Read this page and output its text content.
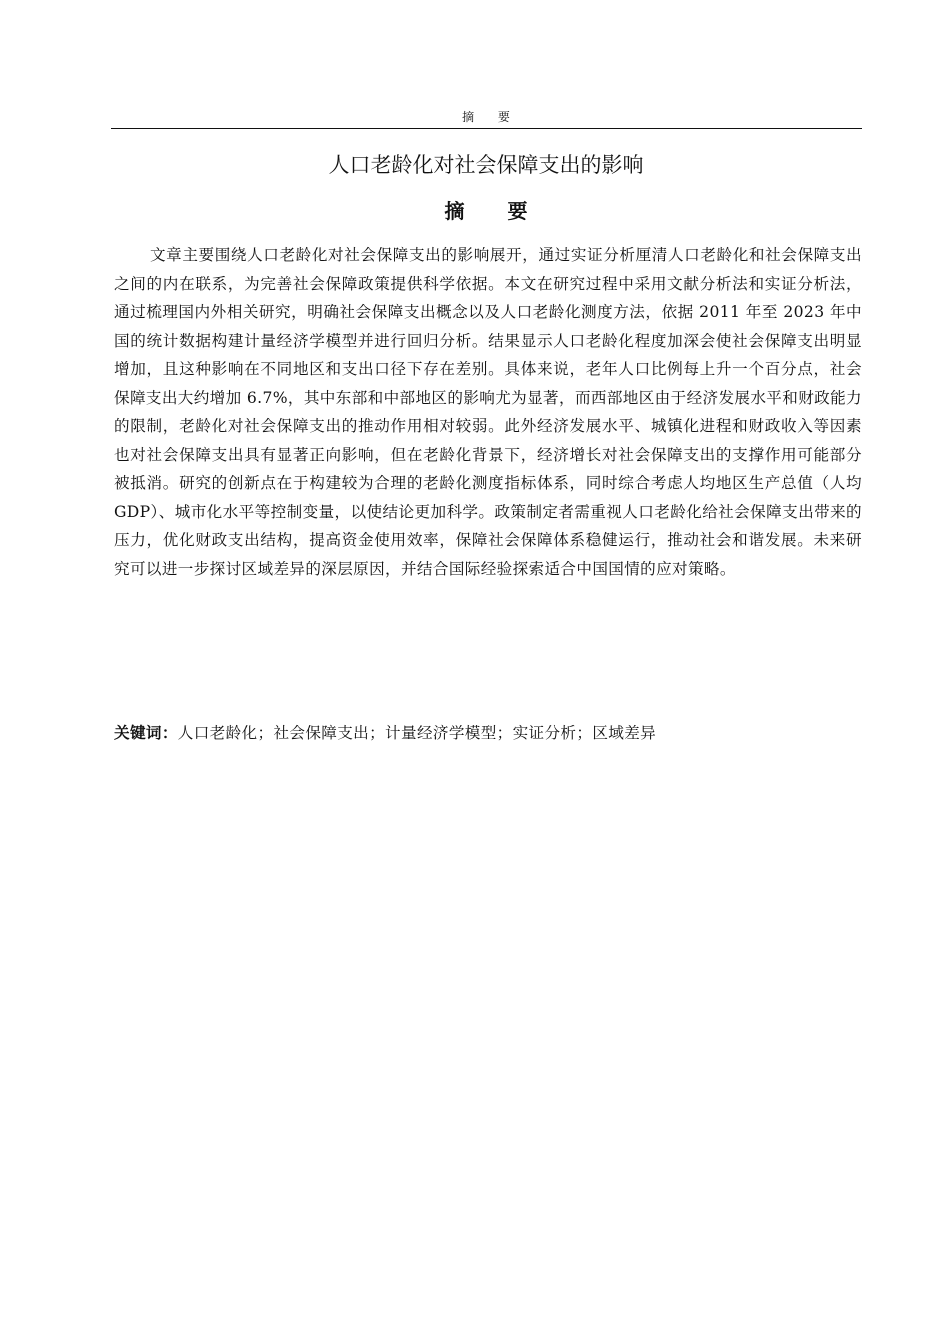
摘 要
人口老龄化对社会保障支出的影响
摘 要

文章主要围绕人口老龄化对社会保障支出的影响展开，通过实证分析厘清人口老龄化和社会保障支出之间的内在联系，为完善社会保障政策提供科学依据。本文在研究过程中采用文献分析法和实证分析法，通过梳理国内外相关研究，明确社会保障支出概念以及人口老龄化测度方法，依据 2011 年至 2023 年中国的统计数据构建计量经济学模型并进行回归分析。结果显示人口老龄化程度加深会使社会保障支出明显增加，且这种影响在不同地区和支出口径下存在差别。具体来说，老年人口比例每上升一个百分点，社会保障支出大约增加 6.7%，其中东部和中部地区的影响尤为显著，而西部地区由于经济发展水平和财政能力的限制，老龄化对社会保障支出的推动作用相对较弱。此外经济发展水平、城镇化进程和财政收入等因素也对社会保障支出具有显著正向影响，但在老龄化背景下，经济增长对社会保障支出的支撑作用可能部分被抵消。研究的创新点在于构建较为合理的老龄化测度指标体系，同时综合考虑人均地区生产总值（人均 GDP）、城市化水平等控制变量，以使结论更加科学。政策制定者需重视人口老龄化给社会保障支出带来的压力，优化财政支出结构，提高资金使用效率，保障社会保障体系稳健运行，推动社会和谐发展。未来研究可以进一步探讨区域差异的深层原因，并结合国际经验探索适合中国国情的应对策略。

关键词：人口老龄化；社会保障支出；计量经济学模型；实证分析；区域差异
